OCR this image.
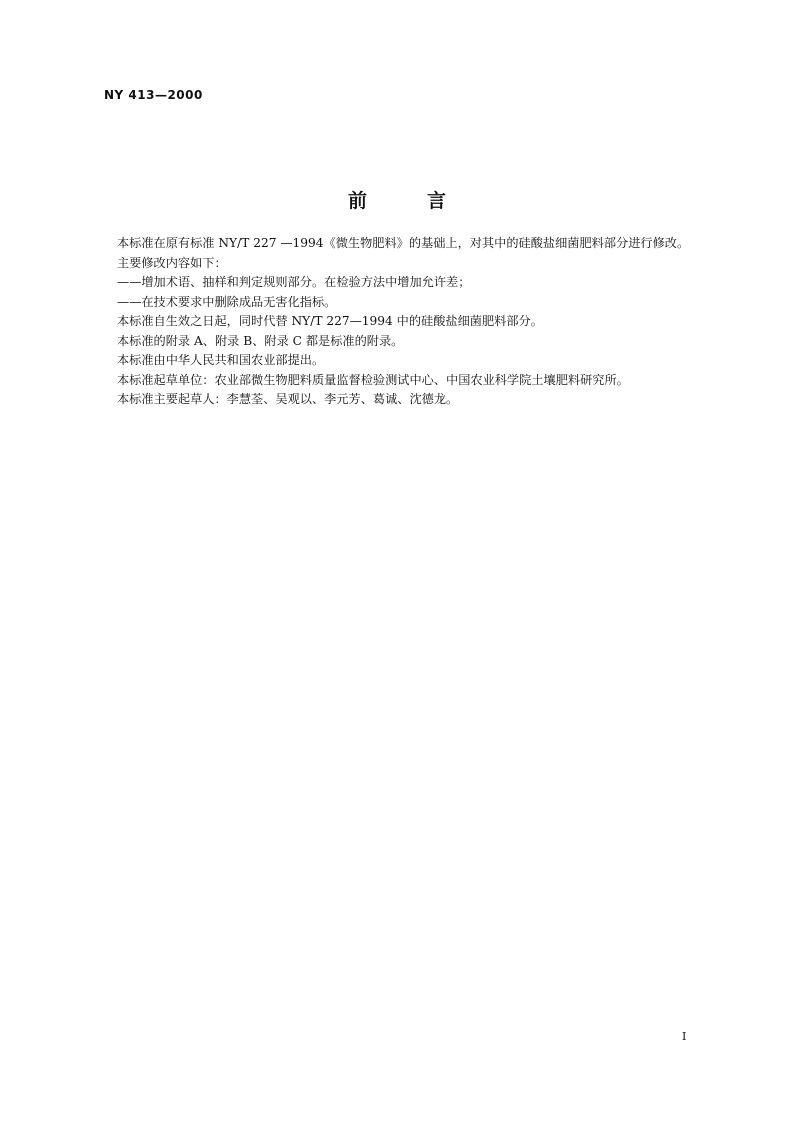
NY 413—2000
前	言

本标准在原有标准 NY/T 227 —1994《微生物肥料》的基础上，对其中的硅酸盐细菌肥料部分进行修改。

主要修改内容如下：

——增加术语、抽样和判定规则部分。在检验方法中增加允许差；

——在技术要求中删除成品无害化指标。

本标准自生效之日起，同时代替 NY/T 227—1994 中的硅酸盐细菌肥料部分。

本标准的附录 A、附录 B、附录 C 都是标准的附录。

本标准由中华人民共和国农业部提出。

本标准起草单位：农业部微生物肥料质量监督检验测试中心、中国农业科学院土壤肥料研究所。

本标准主要起草人：李慧荃、吴观以、李元芳、葛诚、沈德龙。

I
